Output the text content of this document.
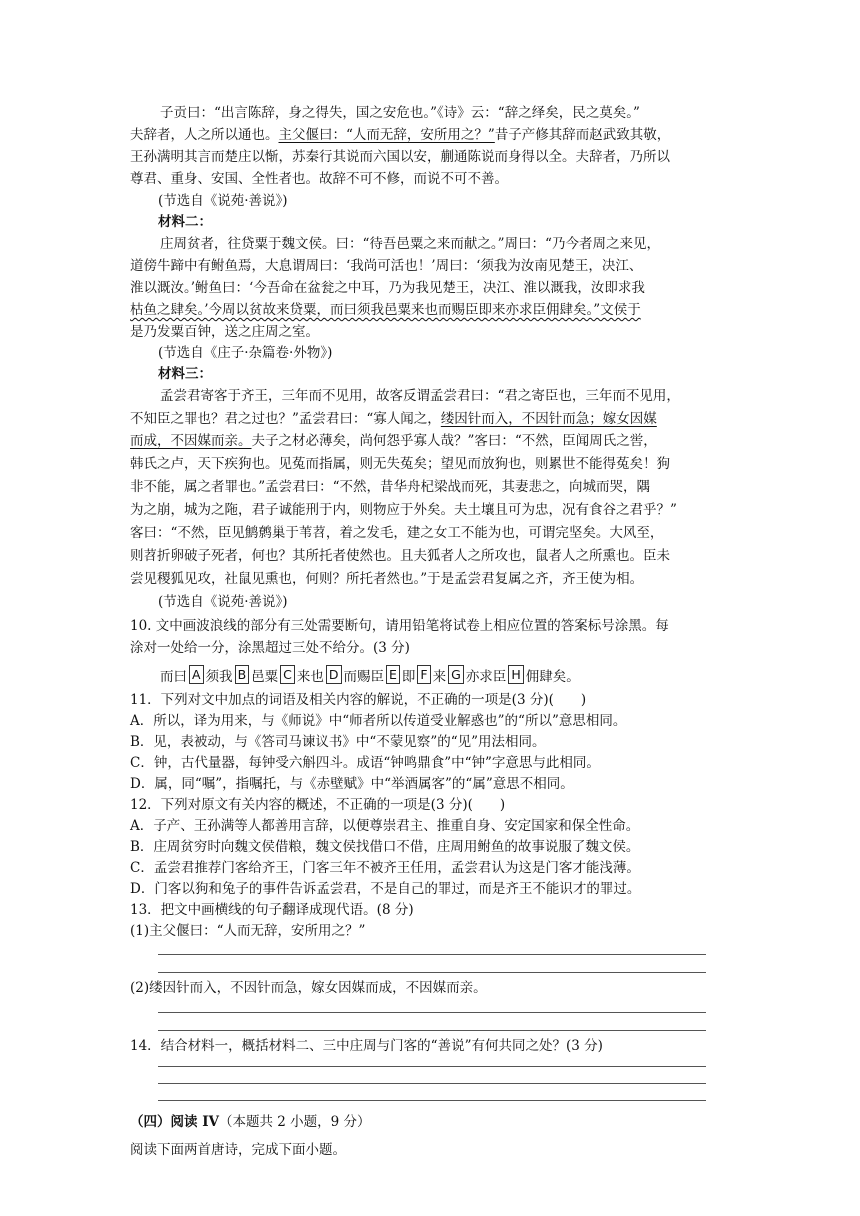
子贡曰：“出言陈辞，身之得失，国之安危也。”《诗》云：“辞之绎矣，民之莫矣。”

夫辞者，人之所以通也。主父偃曰：“人而无辞，安所用之？”昔子产修其辞而赵武致其敬，

王孙满明其言而楚庄以惭，苏秦行其说而六国以安，蒯通陈说而身得以全。夫辞者，乃所以

尊君、重身、安国、全性者也。故辞不可不修，而说不可不善。

(节选自《说苑·善说》)

材料二：

庄周贫者，往贷粟于魏文侯。曰：“待吾邑粟之来而献之。”周曰：“乃今者周之来见，

道傍牛蹄中有鲋鱼焉，大息谓周曰：‘我尚可活也！’周曰：‘须我为汝南见楚王，决江、

淮以溉汝。’鲋鱼曰：‘今吾命在盆瓮之中耳，乃为我见楚王，决江、淮以溉我，汝即求我

枯鱼之肆矣。’今周以贫故来贷粟，而曰须我邑粟来也而赐臣即来亦求臣佣肆矣。”文侯于

是乃发粟百钟，送之庄周之室。

(节选自《庄子·杂篇卷·外物》)

材料三：

孟尝君寄客于齐王，三年而不见用，故客反谓孟尝君曰：“君之寄臣也，三年而不见用，

不知臣之罪也？君之过也？”孟尝君曰：“寡人闻之，缕因针而入，不因针而急；嫁女因媒

而成，不因媒而亲。夫子之材必薄矣，尚何怨乎寡人哉？”客曰：“不然，臣闻周氏之喾，

韩氏之卢，天下疾狗也。见菟而指属，则无失菟矣；望见而放狗也，则累世不能得菟矣！狗

非不能，属之者罪也。”孟尝君曰：“不然，昔华舟杞梁战而死，其妻悲之，向城而哭，隅

为之崩，城为之陁，君子诚能刑于内，则物应于外矣。夫土壤且可为忠，况有食谷之君乎？”

客曰：“不然，臣见鹪鹩巢于苇苕，着之发毛，建之女工不能为也，可谓完坚矣。大风至，

则苕折卵破子死者，何也？其所托者使然也。且夫狐者人之所攻也，鼠者人之所熏也。臣未

尝见稷狐见攻，社鼠见熏也，何则？所托者然也。”于是孟尝君复属之齐，齐王使为相。

(节选自《说苑·善说》)

10. 文中画波浪线的部分有三处需要断句，请用铅笔将试卷上相应位置的答案标号涂黑。每

涂对一处给一分，涂黑超过三处不给分。(3 分)

而曰 A 须我 B 邑粟 C 来也 D 而赐臣 E 即 F 来 G 亦求臣 H 佣肆矣。

11．下列对文中加点的词语及相关内容的解说，不正确的一项是(3 分)(　　)

A．所以，译为用来，与《师说》中“师者所以传道受业解惑也”的“所以”意思相同。

B．见，表被动，与《答司马谏议书》中“不蒙见察”的“见”用法相同。

C．钟，古代量器，每钟受六斛四斗。成语“钟鸣鼎食”中“钟”字意思与此相同。

D．属，同“嘱”，指嘱托，与《赤壁赋》中“举酒属客”的“属”意思不相同。

12．下列对原文有关内容的概述，不正确的一项是(3 分)(　　)

A．子产、王孙满等人都善用言辞，以便尊崇君主、推重自身、安定国家和保全性命。

B．庄周贫穷时向魏文侯借粮，魏文侯找借口不借，庄周用鲋鱼的故事说服了魏文侯。

C．孟尝君推荐门客给齐王，门客三年不被齐王任用，孟尝君认为这是门客才能浅薄。

D．门客以狗和兔子的事件告诉孟尝君，不是自己的罪过，而是齐王不能识才的罪过。

13．把文中画横线的句子翻译成现代语。(8 分)

(1)主父偃曰：“人而无辞，安所用之？”

(2)缕因针而入，不因针而急，嫁女因媒而成，不因媒而亲。

14．结合材料一，概括材料二、三中庄周与门客的“善说”有何共同之处？(3 分)

（四）阅读 IV（本题共 2 小题，9 分）

阅读下面两首唐诗，完成下面小题。
